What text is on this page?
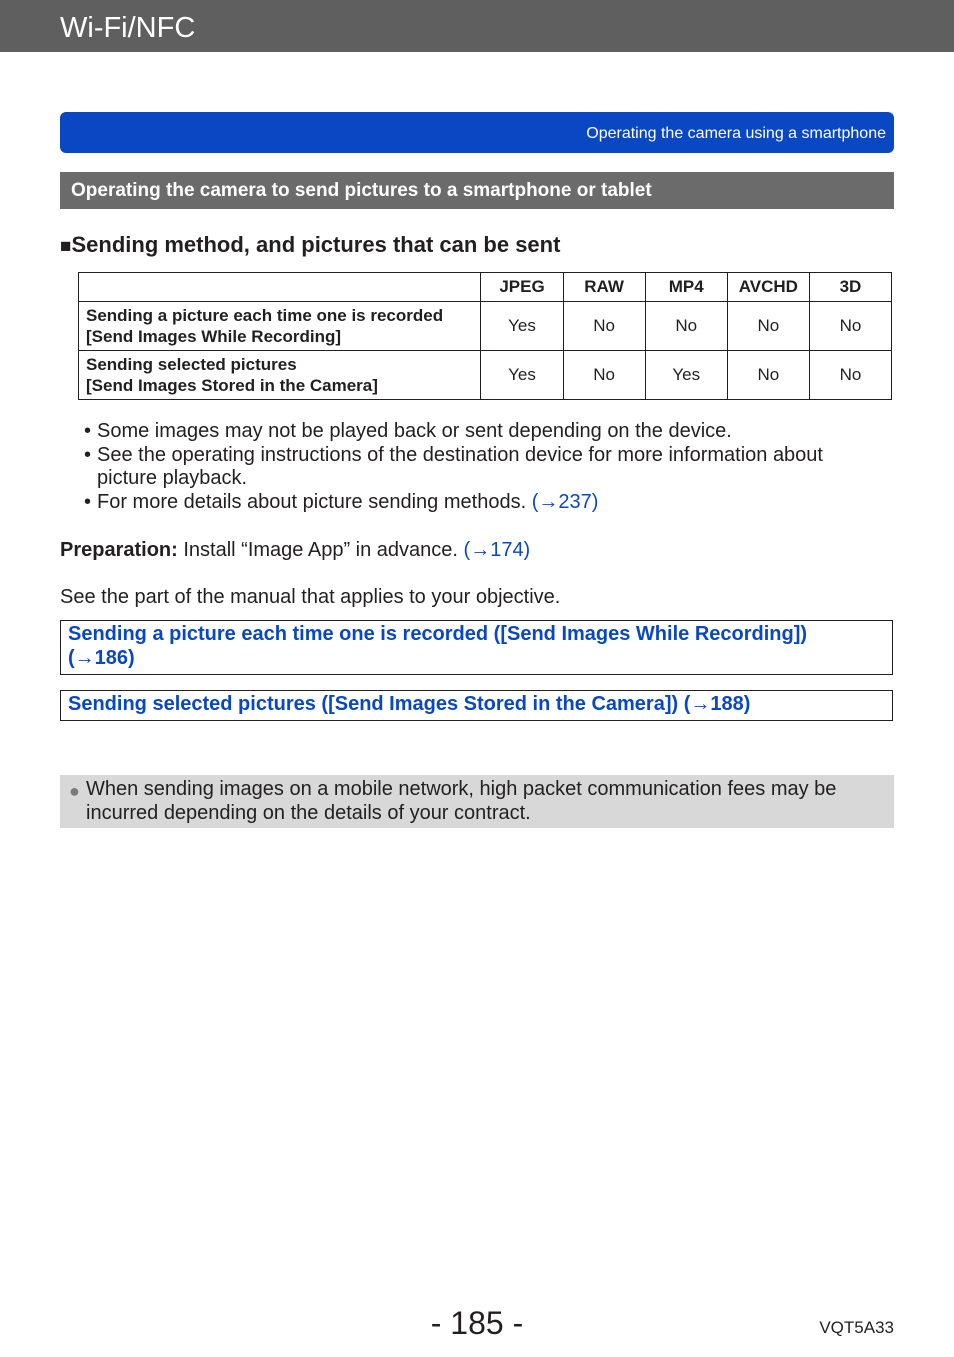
Wi-Fi/NFC
Operating the camera using a smartphone
Operating the camera to send pictures to a smartphone or tablet
■Sending method, and pictures that can be sent
	JPEG	RAW	MP4	AVCHD	3D

Sending a picture each time one is recorded
[Send Images While Recording]	Yes	No	No	No	No

Sending selected pictures
[Send Images Stored in the Camera]	Yes	No	Yes	No	No
• Some images may not be played back or sent depending on the device.
• See the operating instructions of the destination device for more information about picture playback.
• For more details about picture sending methods. (→237)
Preparation: Install “Image App” in advance. (→174)
See the part of the manual that applies to your objective.
Sending a picture each time one is recorded ([Send Images While Recording])
(→186)
Sending selected pictures ([Send Images Stored in the Camera]) (→188)
● When sending images on a mobile network, high packet communication fees may be incurred depending on the details of your contract.
- 185 -	VQT5A33
